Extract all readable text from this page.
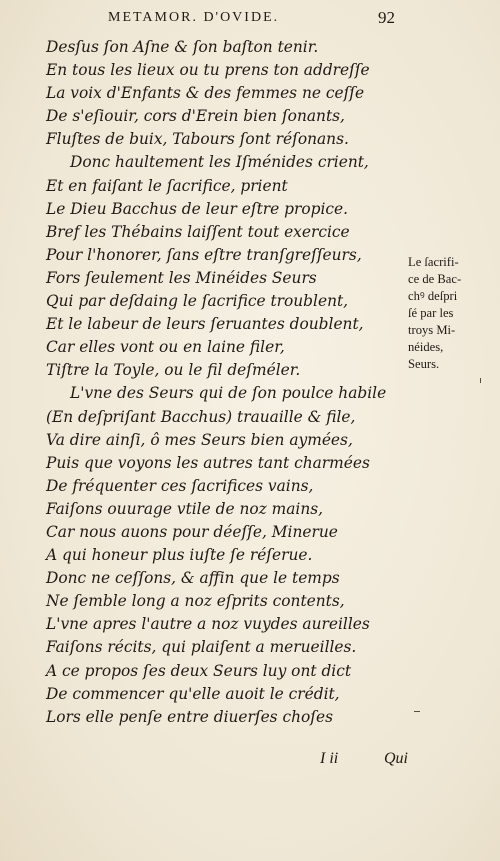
METAMOR. D'OVIDE.	92
Desſus ſon Aſne & ſon baſton tenir.
En tous les lieux ou tu prens ton addreſſe
La voix d'Enfants & des femmes ne ceſſe
De s'eſiouir, cors d'Erein bien ſonants,
Fluſtes de buix, Tabours ſont réſonans.
Donc haultement les Iſménides crient,
Et en faiſant le ſacrifice, prient
Le Dieu Bacchus de leur eſtre propice.
Bref les Thébains laiſſent tout exercice
Pour l'honorer, ſans eſtre tranſgreſſeurs,
Fors ſeulement les Minéides Seurs
Qui par deſdaing le ſacrifice troublent,
Et le labeur de leurs ſeruantes doublent,
Car elles vont ou en laine filer,
Tiſtre la Toyle, ou le fil deſméler.
L'vne des Seurs qui de ſon poulce habile
(En deſpriſant Bacchus) trauaille & file,
Va dire ainſi, ô mes Seurs bien aymées,
Puis que voyons les autres tant charmées
De fréquenter ces ſacrifices vains,
Faiſons ouurage vtile de noz mains,
Car nous auons pour déeſſe, Minerue
A qui honeur plus iuſte ſe réſerue.
Donc ne ceſſons, & affin que le temps
Ne ſemble long a noz eſprits contents,
L'vne apres l'autre a noz vuydes aureilles
Faiſons récits, qui plaiſent a merueilles.
A ce propos ſes deux Seurs luy ont dict
De commencer qu'elle auoit le crédit,
Lors elle penſe entre diuerſes choſes
Le ſacrifi-
ce de Bac-
chꝰ deſpri
ſé par les
troys Mi-
néides,
Seurs.
I ii	Qui
